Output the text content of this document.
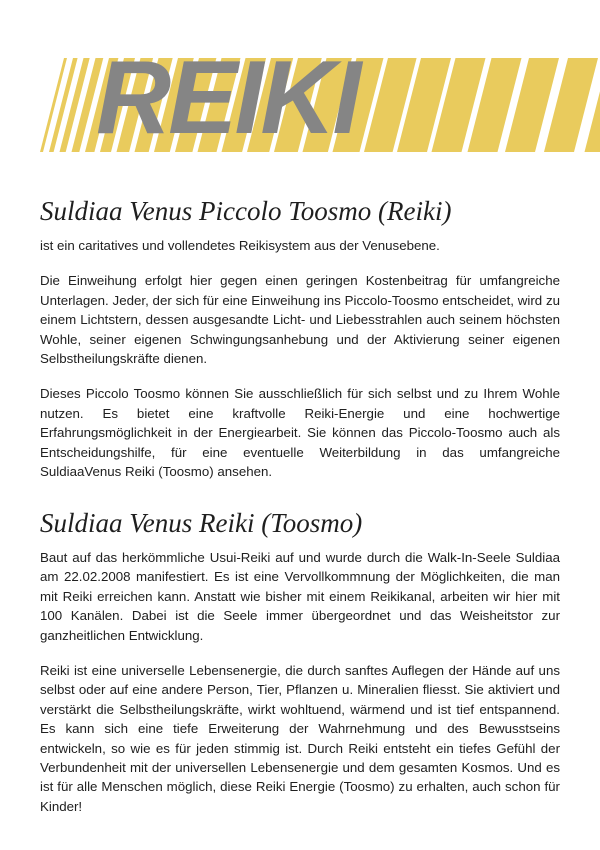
REIKI
Suldiaa Venus Piccolo Toosmo (Reiki)

ist ein caritatives und vollendetes Reikisystem aus der Venusebene.

Die Einweihung erfolgt hier gegen einen geringen Kostenbeitrag für umfangreiche Unterlagen. Jeder, der sich für eine Einweihung ins Piccolo-Toosmo entscheidet, wird zu einem Lichtstern, dessen ausgesandte Licht- und Liebesstrahlen auch seinem höchsten Wohle, seiner eigenen Schwingungsanhebung und der Aktivierung seiner eigenen Selbstheilungskräfte dienen.

Dieses Piccolo Toosmo können Sie ausschließlich für sich selbst und zu Ihrem Wohle nutzen. Es bietet eine kraftvolle Reiki-Energie und eine hochwertige Erfahrungsmöglichkeit in der Energiearbeit. Sie können das Piccolo-Toosmo auch als Entscheidungshilfe, für eine eventuelle Weiterbildung in das umfangreiche SuldiaaVenus Reiki (Toosmo) ansehen.

Suldiaa Venus Reiki (Toosmo)

Baut auf das herkömmliche Usui-Reiki auf und wurde durch die Walk-In-Seele Suldiaa am 22.02.2008 manifestiert. Es ist eine Vervollkommnung der Möglichkeiten, die man mit Reiki erreichen kann. Anstatt wie bisher mit einem Reikikanal, arbeiten wir hier mit 100 Kanälen. Dabei ist die Seele immer übergeordnet und das Weisheitstor zur ganzheitlichen Entwicklung.

Reiki ist eine universelle Lebensenergie, die durch sanftes Auflegen der Hände auf uns selbst oder auf eine andere Person, Tier, Pflanzen u. Mineralien fliesst. Sie aktiviert und verstärkt die Selbstheilungskräfte, wirkt wohltuend, wärmend und ist tief entspannend. Es kann sich eine tiefe Erweiterung der Wahrnehmung und des Bewusstseins entwickeln, so wie es für jeden stimmig ist. Durch Reiki entsteht ein tiefes Gefühl der Verbundenheit mit der universellen Lebensenergie und dem gesamten Kosmos. Und es ist für alle Menschen möglich, diese Reiki Energie (Toosmo) zu erhalten, auch schon für Kinder!
